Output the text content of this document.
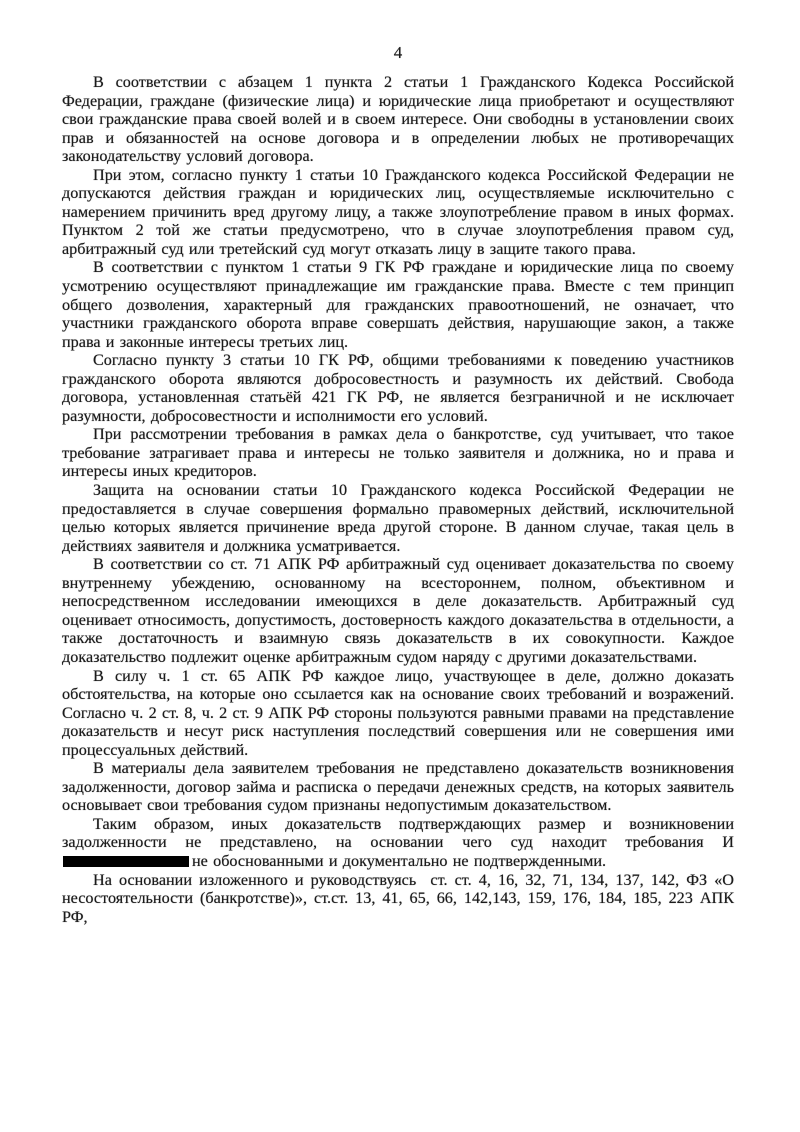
4

В соответствии с абзацем 1 пункта 2 статьи 1 Гражданского Кодекса Российской Федерации, граждане (физические лица) и юридические лица приобретают и осуществляют свои гражданские права своей волей и в своем интересе. Они свободны в установлении своих прав и обязанностей на основе договора и в определении любых не противоречащих законодательству условий договора.

При этом, согласно пункту 1 статьи 10 Гражданского кодекса Российской Федерации не допускаются действия граждан и юридических лиц, осуществляемые исключительно с намерением причинить вред другому лицу, а также злоупотребление правом в иных формах. Пунктом 2 той же статьи предусмотрено, что в случае злоупотребления правом суд, арбитражный суд или третейский суд могут отказать лицу в защите такого права.

В соответствии с пунктом 1 статьи 9 ГК РФ граждане и юридические лица по своему усмотрению осуществляют принадлежащие им гражданские права. Вместе с тем принцип общего дозволения, характерный для гражданских правоотношений, не означает, что участники гражданского оборота вправе совершать действия, нарушающие закон, а также права и законные интересы третьих лиц.

Согласно пункту 3 статьи 10 ГК РФ, общими требованиями к поведению участников гражданского оборота являются добросовестность и разумность их действий. Свобода договора, установленная статьёй 421 ГК РФ, не является безграничной и не исключает разумности, добросовестности и исполнимости его условий.

При рассмотрении требования в рамках дела о банкротстве, суд учитывает, что такое требование затрагивает права и интересы не только заявителя и должника, но и права и интересы иных кредиторов.

Защита на основании статьи 10 Гражданского кодекса Российской Федерации не предоставляется в случае совершения формально правомерных действий, исключительной целью которых является причинение вреда другой стороне. В данном случае, такая цель в действиях заявителя и должника усматривается.

В соответствии со ст. 71 АПК РФ арбитражный суд оценивает доказательства по своему внутреннему убеждению, основанному на всестороннем, полном, объективном и непосредственном исследовании имеющихся в деле доказательств. Арбитражный суд оценивает относимость, допустимость, достоверность каждого доказательства в отдельности, а также достаточность и взаимную связь доказательств в их совокупности. Каждое доказательство подлежит оценке арбитражным судом наряду с другими доказательствами.

В силу ч. 1 ст. 65 АПК РФ каждое лицо, участвующее в деле, должно доказать обстоятельства, на которые оно ссылается как на основание своих требований и возражений. Согласно ч. 2 ст. 8, ч. 2 ст. 9 АПК РФ стороны пользуются равными правами на представление доказательств и несут риск наступления последствий совершения или не совершения ими процессуальных действий.

В материалы дела заявителем требования не представлено доказательств возникновения задолженности, договор займа и расписка о передачи денежных средств, на которых заявитель основывает свои требования судом признаны недопустимым доказательством.

Таким образом, иных доказательств подтверждающих размер и возникновении задолженности не представлено, на основании чего суд находит требования Ине обоснованными и документально не подтвержденными.

На основании изложенного и руководствуясь  ст. ст. 4, 16, 32, 71, 134, 137, 142, ФЗ «О несостоятельности (банкротстве)», ст.ст. 13, 41, 65, 66, 142,143, 159, 176, 184, 185, 223 АПК РФ,
